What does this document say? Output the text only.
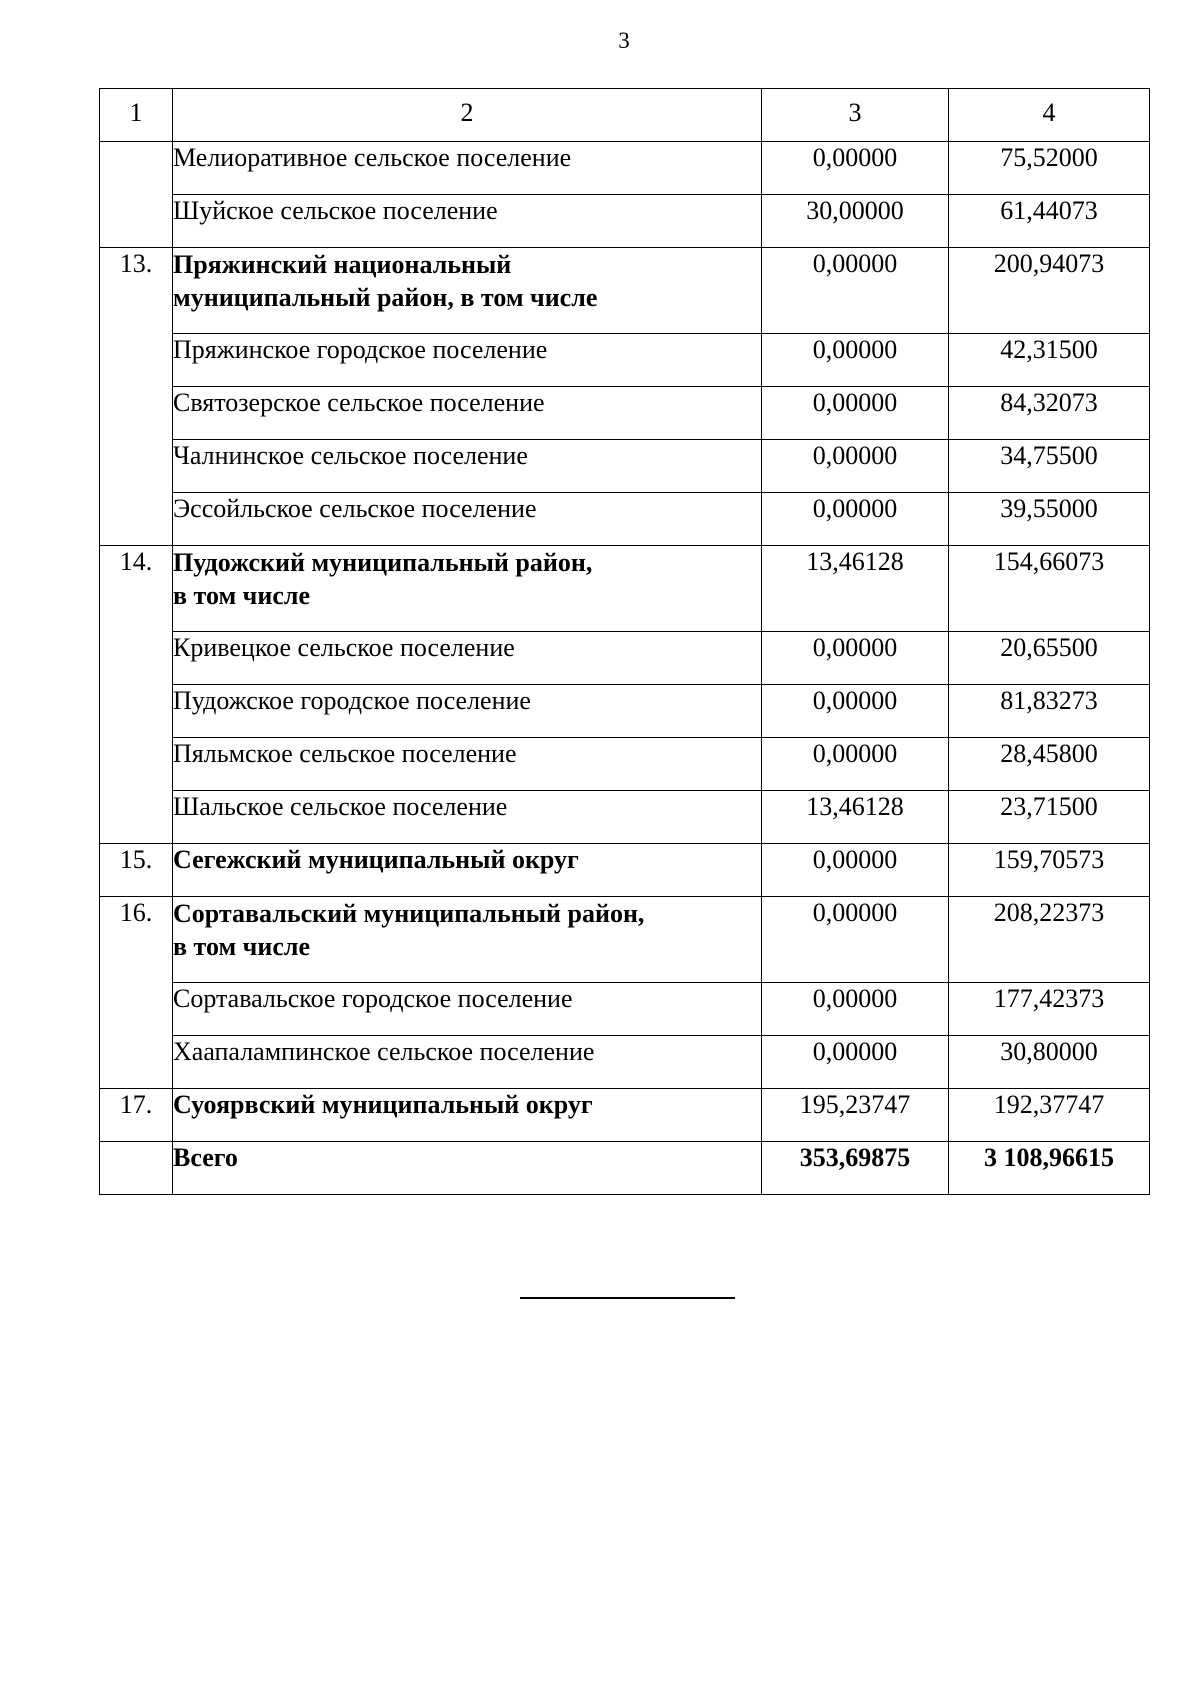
3
1	2	3	4
	Мелиоративное сельское поселение	0,00000	75,52000
	Шуйское сельское поселение	30,00000	61,44073
13.	Пряжинский национальный
муниципальный район, в том числе	0,00000	200,94073
	Пряжинское городское поселение	0,00000	42,31500
	Святозерское сельское поселение	0,00000	84,32073
	Чалнинское сельское поселение	0,00000	34,75500
	Эссойльское сельское поселение	0,00000	39,55000
14.	Пудожский муниципальный район,
в том числе	13,46128	154,66073
	Кривецкое сельское поселение	0,00000	20,65500
	Пудожское городское поселение	0,00000	81,83273
	Пяльмское сельское поселение	0,00000	28,45800
	Шальское сельское поселение	13,46128	23,71500
15.	Сегежский муниципальный округ	0,00000	159,70573
16.	Сортавальский муниципальный район,
в том числе	0,00000	208,22373
	Сортавальское городское поселение	0,00000	177,42373
	Хаапалампинское сельское поселение	0,00000	30,80000
17.	Суоярвский муниципальный округ	195,23747	192,37747
	Всего	353,69875	3 108,96615
